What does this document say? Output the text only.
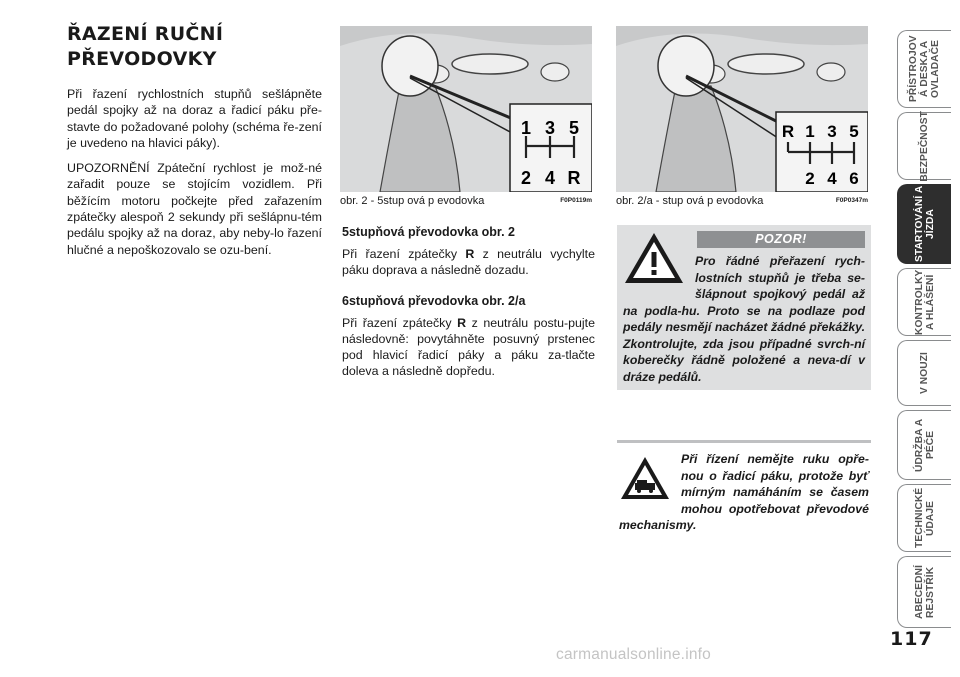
ŘAZENÍ RUČNÍ
PŘEVODOVKY

Při řazení rychlostních stupňů sešlápněte pedál spojky až na doraz a řadicí páku pře-stavte do požadované polohy (schéma ře-zení je uvedeno na hlavici páky).

UPOZORNĚNÍ Zpáteční rychlost je mož-né zařadit pouze se stojícím vozidlem. Při běžícím motoru počkejte před zařazením zpátečky alespoň 2 sekundy při sešlápnu-tém pedálu spojky až na doraz, aby neby-lo řazení hlučné a nepoškozovalo se ozu-bení.

1 3 5
2 4 R
obr. 2 - 5stup ová p evodovka	F0P0119m
R 1 3 5
2 4 6
obr. 2/a - stup ová p evodovka	F0P0347m
5stupňová převodovka obr. 2

Při řazení zpátečky R z neutrálu vychylte páku doprava a následně dozadu.

6stupňová převodovka obr. 2/a

Při řazení zpátečky R z neutrálu postu-pujte následovně: povytáhněte posuvný prstenec pod hlavicí řadicí páky a páku za-tlačte doleva a následně dopředu.

POZOR!
Pro řádné přeřazení rych-lostních stupňů je třeba se-šlápnout spojkový pedál až na podla-hu. Proto se na podlaze pod pedály nesmějí nacházet žádné překážky. Zkontrolujte, zda jsou případné svrch-ní koberečky řádně položené a neva-dí v dráze pedálů.
Při řízení nemějte ruku opře-nou o řadicí páku, protože byť mírným namáháním se časem mohou opotřebovat převodové mechanismy.
PŘÍSTROJOV Á DESKA A OVLADAČE
BEZPEČNOST
STARTOVÁNÍ A JÍZDA
KONTROLKY A HLÁŠENÍ
V NOUZI
ÚDRŽBA A PÉČE
TECHNICKÉ ÚDAJE
ABECEDNÍ REJSTŘÍK
117
carmanualsonline.info
